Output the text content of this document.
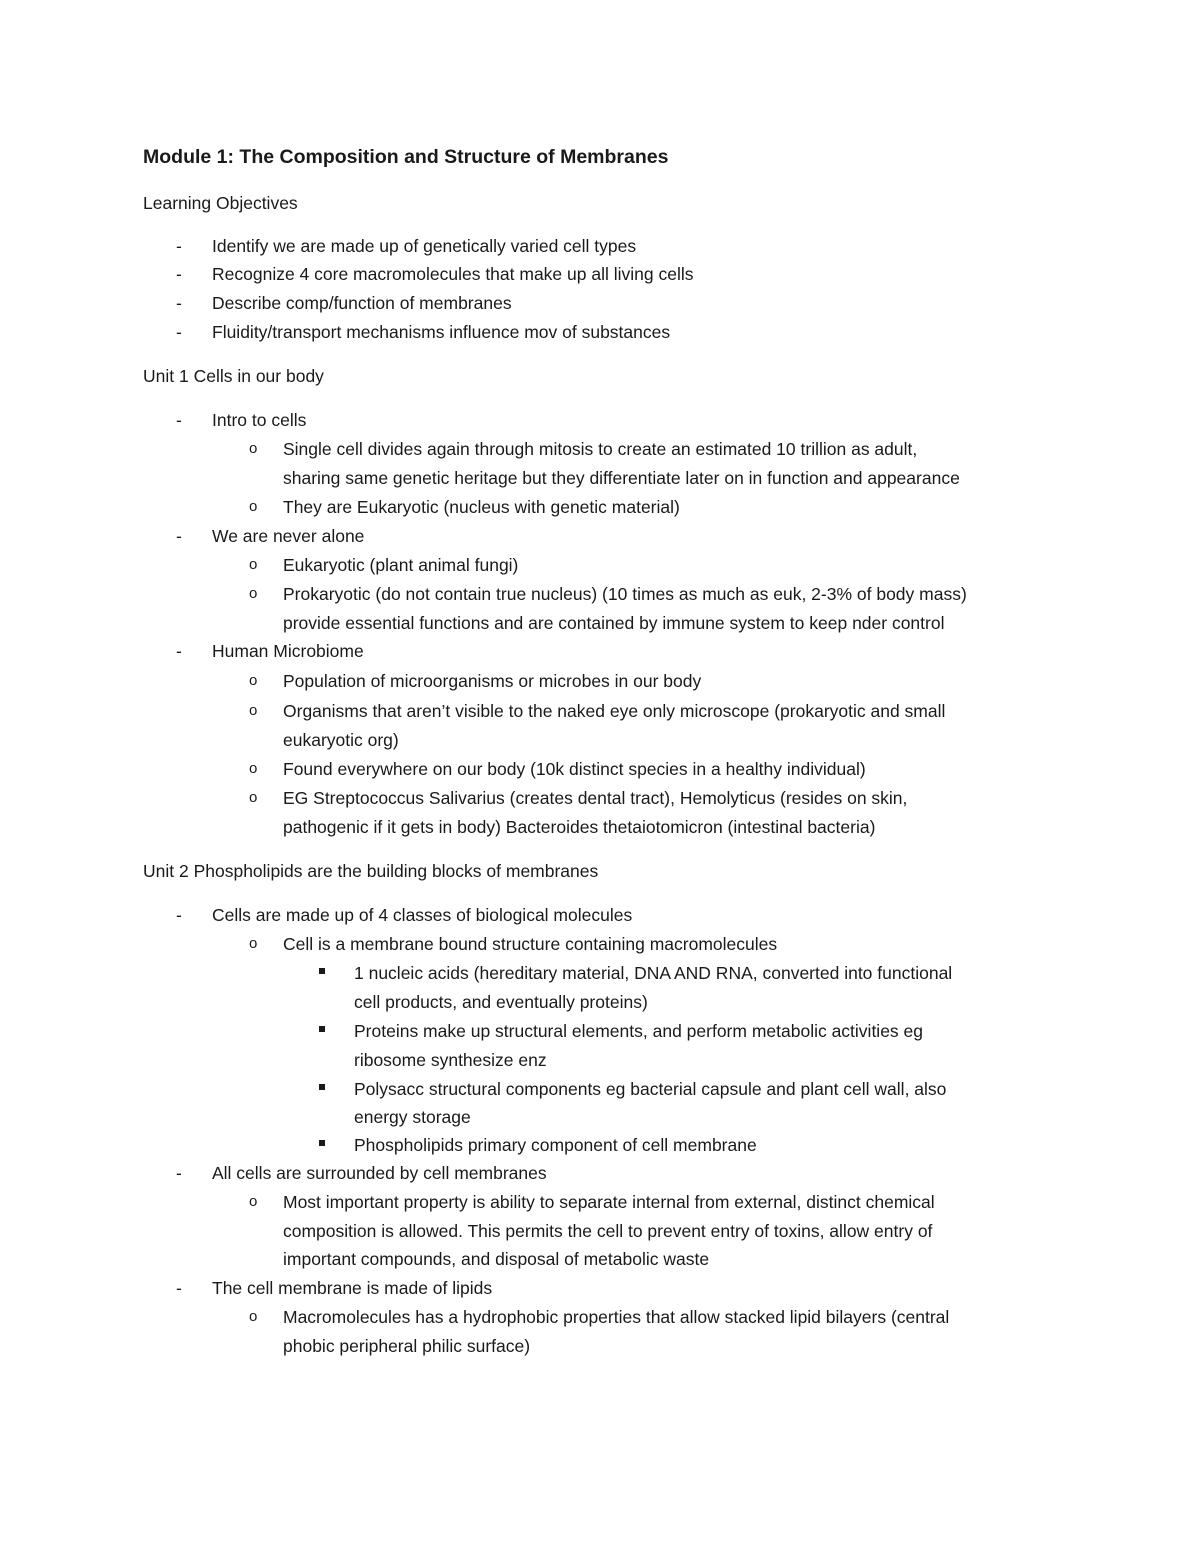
Module 1: The Composition and Structure of Membranes
Learning Objectives
- Identify we are made up of genetically varied cell types
- Recognize 4 core macromolecules that make up all living cells
- Describe comp/function of membranes
- Fluidity/transport mechanisms influence mov of substances
Unit 1 Cells in our body
- Intro to cells
o Single cell divides again through mitosis to create an estimated 10 trillion as adult,
sharing same genetic heritage but they differentiate later on in function and appearance
o They are Eukaryotic (nucleus with genetic material)
- We are never alone
o Eukaryotic (plant animal fungi)
o Prokaryotic (do not contain true nucleus) (10 times as much as euk, 2-3% of body mass)
provide essential functions and are contained by immune system to keep nder control
- Human Microbiome
o Population of microorganisms or microbes in our body
o Organisms that aren’t visible to the naked eye only microscope (prokaryotic and small
eukaryotic org)
o Found everywhere on our body (10k distinct species in a healthy individual)
o EG Streptococcus Salivarius (creates dental tract), Hemolyticus (resides on skin,
pathogenic if it gets in body) Bacteroides thetaiotomicron (intestinal bacteria)
Unit 2 Phospholipids are the building blocks of membranes
- Cells are made up of 4 classes of biological molecules
o Cell is a membrane bound structure containing macromolecules
1 nucleic acids (hereditary material, DNA AND RNA, converted into functional
cell products, and eventually proteins)
Proteins make up structural elements, and perform metabolic activities eg
ribosome synthesize enz
Polysacc structural components eg bacterial capsule and plant cell wall, also
energy storage
Phospholipids primary component of cell membrane
- All cells are surrounded by cell membranes
o Most important property is ability to separate internal from external, distinct chemical
composition is allowed. This permits the cell to prevent entry of toxins, allow entry of
important compounds, and disposal of metabolic waste
- The cell membrane is made of lipids
o Macromolecules has a hydrophobic properties that allow stacked lipid bilayers (central
phobic peripheral philic surface)
